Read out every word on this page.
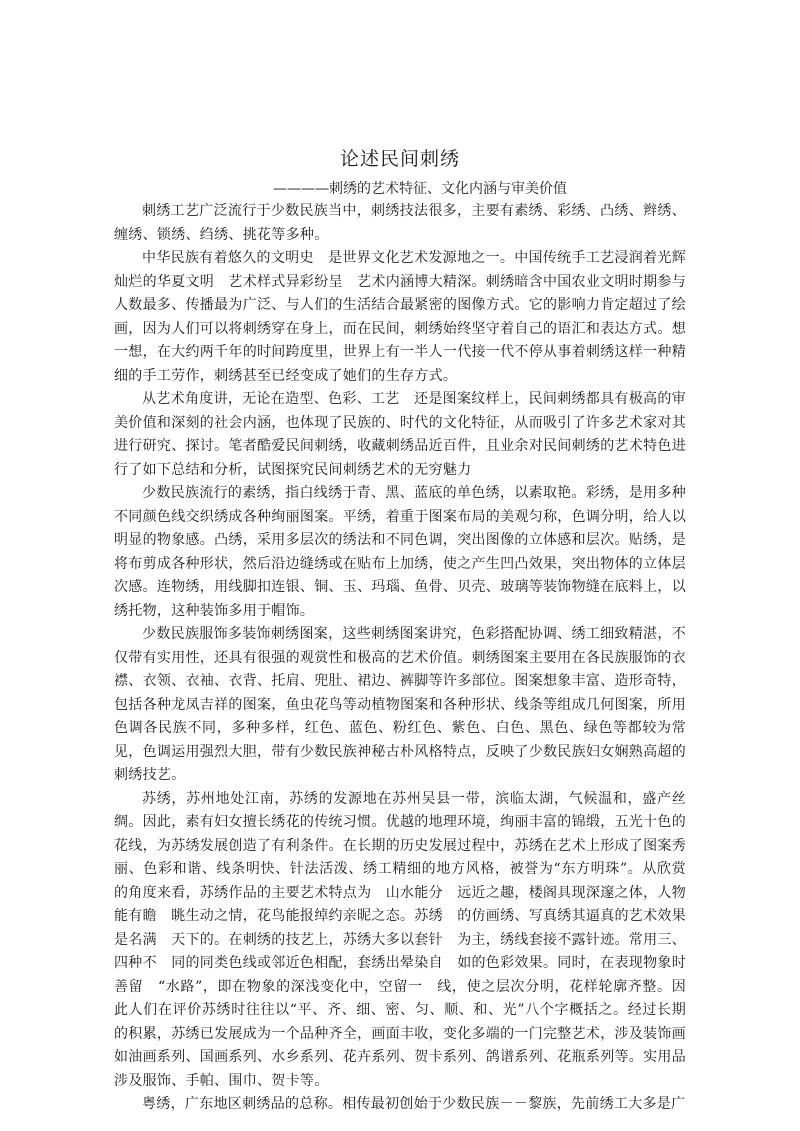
论述民间刺绣

————刺绣的艺术特征、文化内涵与审美价值

刺绣工艺广泛流行于少数民族当中，刺绣技法很多，主要有素绣、彩绣、凸绣、辫绣、缠绣、锁绣、绉绣、挑花等多种。

中华民族有着悠久的文明史　是世界文化艺术发源地之一。中国传统手工艺浸润着光辉灿烂的华夏文明　艺术样式异彩纷呈　艺术内涵博大精深。刺绣暗含中国农业文明时期参与人数最多、传播最为广泛、与人们的生活结合最紧密的图像方式。它的影响力肯定超过了绘画，因为人们可以将刺绣穿在身上，而在民间，刺绣始终坚守着自己的语汇和表达方式。想一想，在大约两千年的时间跨度里，世界上有一半人一代接一代不停从事着刺绣这样一种精细的手工劳作，刺绣甚至已经变成了她们的生存方式。

从艺术角度讲，无论在造型、色彩、工艺　还是图案纹样上，民间刺绣都具有极高的审美价值和深刻的社会内涵，也体现了民族的、时代的文化特征，从而吸引了许多艺术家对其进行研究、探讨。笔者酷爱民间刺绣，收藏刺绣品近百件，且业余对民间刺绣的艺术特色进行了如下总结和分析，试图探究民间刺绣艺术的无穷魅力

少数民族流行的素绣，指白线绣于青、黑、蓝底的单色绣，以素取艳。彩绣，是用多种不同颜色线交织绣成各种绚丽图案。平绣，着重于图案布局的美观匀称，色调分明，给人以明显的物象感。凸绣，采用多层次的绣法和不同色调，突出图像的立体感和层次。贴绣，是将布剪成各种形状，然后沿边缝绣或在贴布上加绣，使之产生凹凸效果，突出物体的立体层次感。连物绣，用线脚扣连银、铜、玉、玛瑙、鱼骨、贝壳、玻璃等装饰物缝在底料上，以绣托物，这种装饰多用于帽饰。

少数民族服饰多装饰刺绣图案，这些刺绣图案讲究，色彩搭配协调、绣工细致精湛，不仅带有实用性，还具有很强的观赏性和极高的艺术价值。刺绣图案主要用在各民族服饰的衣襟、衣领、衣袖、衣背、托肩、兜肚、裙边、裤脚等许多部位。图案想象丰富、造形奇特，包括各种龙凤吉祥的图案，鱼虫花鸟等动植物图案和各种形状、线条等组成几何图案，所用色调各民族不同，多种多样，红色、蓝色、粉红色、紫色、白色、黑色、绿色等都较为常见，色调运用强烈大胆，带有少数民族神秘古朴风格特点，反映了少数民族妇女娴熟高超的刺绣技艺。

苏绣，苏州地处江南，苏绣的发源地在苏州吴县一带，滨临太湖，气候温和，盛产丝绸。因此，素有妇女擅长绣花的传统习惯。优越的地理环境，绚丽丰富的锦缎，五光十色的花线，为苏绣发展创造了有利条件。在长期的历史发展过程中，苏绣在艺术上形成了图案秀丽、色彩和谐、线条明快、针法活泼、绣工精细的地方风格，被誉为“东方明珠”。从欣赏的角度来看，苏绣作品的主要艺术特点为　山水能分　远近之趣，楼阁具现深邃之体，人物能有瞻　眺生动之情，花鸟能报绰约亲昵之态。苏绣　的仿画绣、写真绣其逼真的艺术效果是名满　天下的。在刺绣的技艺上，苏绣大多以套针　为主，绣线套接不露针迹。常用三、四种不　同的同类色线或邻近色相配，套绣出晕染自　如的色彩效果。同时，在表现物象时善留　“水路”，即在物象的深浅变化中，空留一　线，使之层次分明，花样轮廓齐整。因此人们在评价苏绣时往往以“平、齐、细、密、匀、顺、和、光”八个字概括之。经过长期的积累，苏绣已发展成为一个品种齐全，画面丰收，变化多端的一门完整艺术，涉及装饰画　如油画系列、国画系列、水乡系列、花卉系列、贺卡系列、鸽谱系列、花瓶系列等。实用品涉及服饰、手帕、围巾、贺卡等。

粤绣，广东地区刺绣品的总称。相传最初创始于少数民族－－黎族，先前绣工大多是广
